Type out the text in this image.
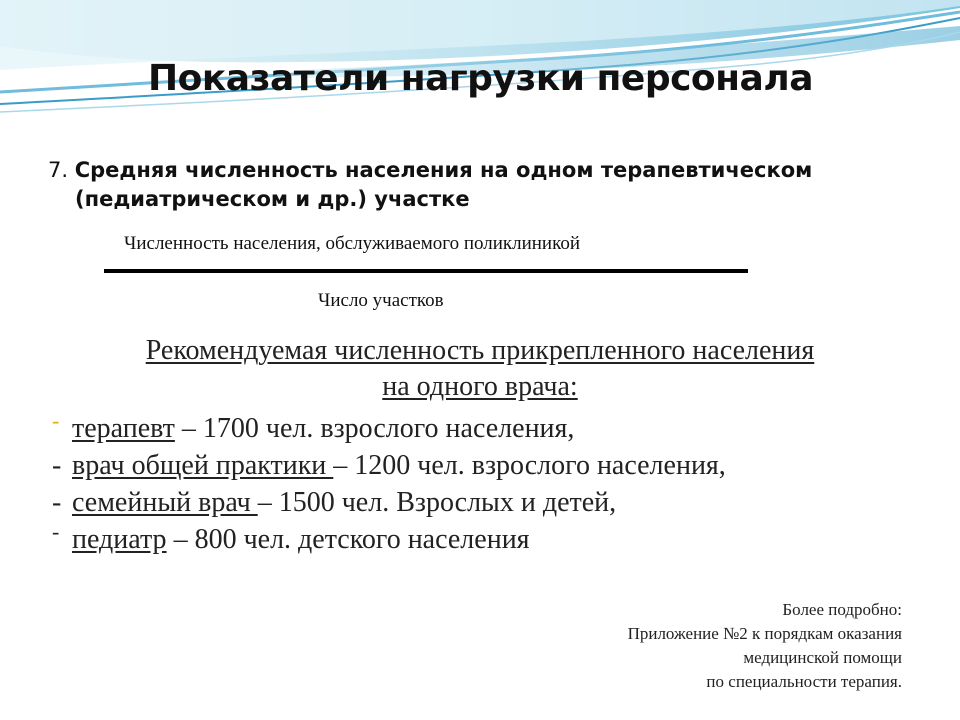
Показатели нагрузки персонала
7. Средняя численность населения на одном терапевтическом
(педиатрическом и др.) участке
Численность населения, обслуживаемого поликлиникой
Число участков
Рекомендуемая численность прикрепленного населения
на одного врача:
- терапевт – 1700 чел. взрослого населения,
- врач общей практики – 1200 чел. взрослого населения,
- семейный врач – 1500 чел. Взрослых и детей,
- педиатр – 800 чел. детского населения
Более подробно:
Приложение №2 к порядкам оказания
медицинской помощи
по специальности терапия.
